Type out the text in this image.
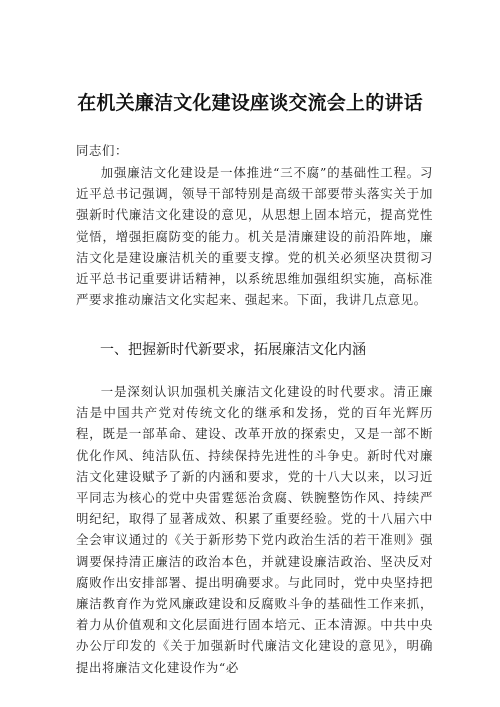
在机关廉洁文化建设座谈交流会上的讲话
同志们：
加强廉洁文化建设是一体推进“三不腐”的基础性工程。习近平总书记强调，领导干部特别是高级干部要带头落实关于加强新时代廉洁文化建设的意见，从思想上固本培元，提高党性觉悟，增强拒腐防变的能力。机关是清廉建设的前沿阵地，廉洁文化是建设廉洁机关的重要支撑。党的机关必须坚决贯彻习近平总书记重要讲话精神，以系统思维加强组织实施，高标准严要求推动廉洁文化实起来、强起来。下面，我讲几点意见。
一、把握新时代新要求，拓展廉洁文化内涵
一是深刻认识加强机关廉洁文化建设的时代要求。清正廉洁是中国共产党对传统文化的继承和发扬，党的百年光辉历程，既是一部革命、建设、改革开放的探索史，又是一部不断优化作风、纯洁队伍、持续保持先进性的斗争史。新时代对廉洁文化建设赋予了新的内涵和要求，党的十八大以来，以习近平同志为核心的党中央雷霆惩治贪腐、铁腕整饬作风、持续严明纪纪，取得了显著成效、积累了重要经验。党的十八届六中全会审议通过的《关于新形势下党内政治生活的若干准则》强调要保持清正廉洁的政治本色，并就建设廉洁政治、坚决反对腐败作出安排部署、提出明确要求。与此同时，党中央坚持把廉洁教育作为党风廉政建设和反腐败斗争的基础性工作来抓，着力从价值观和文化层面进行固本培元、正本清源。中共中央办公厅印发的《关于加强新时代廉洁文化建设的意见》，明确提出将廉洁文化建设作为“必
